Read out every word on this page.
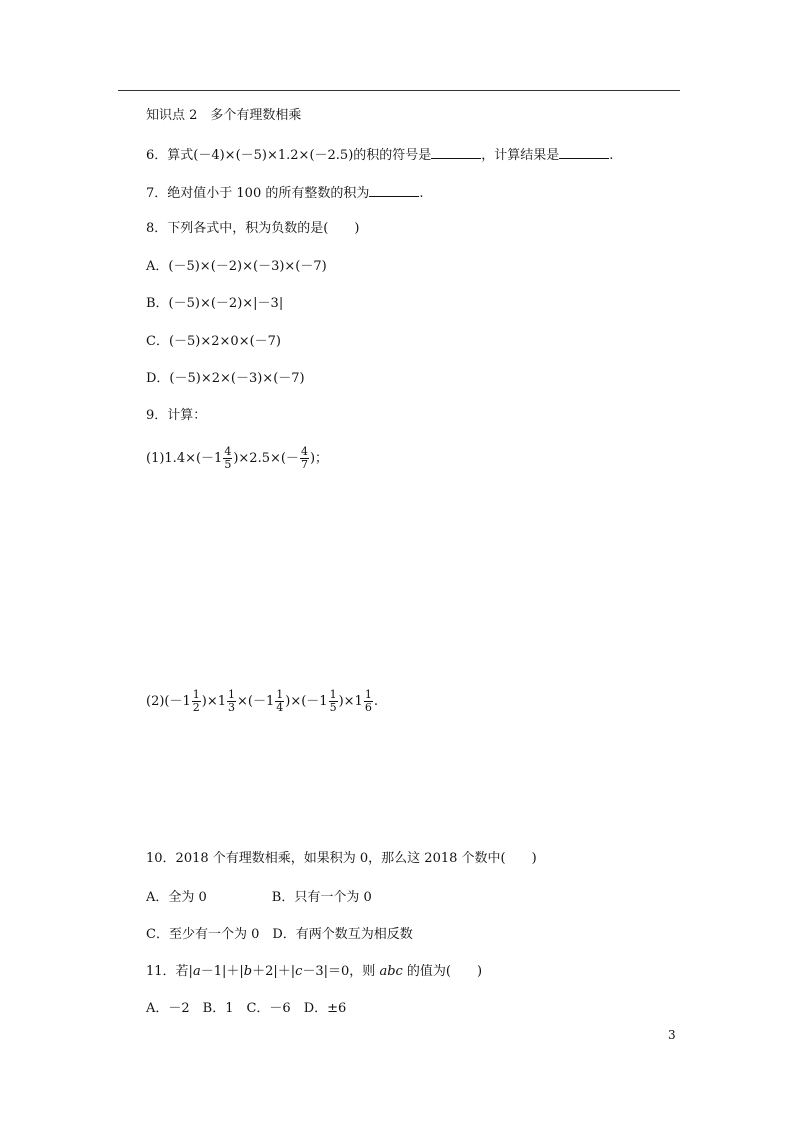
知识点 2　多个有理数相乘
6．算式(－4)×(－5)×1.2×(－2.5)的积的符号是	，计算结果是	.
7．绝对值小于 100 的所有整数的积为	.
8．下列各式中，积为负数的是(　　)
A．(－5)×(－2)×(－3)×(－7)
B．(－5)×(－2)×|－3|
C．(－5)×2×0×(－7)
D．(－5)×2×(－3)×(－7)
9．计算：
$(1)1.4\times(-1 \frac{4}{5} )\times 2.5\times(- \frac{4}{7}$ )；
$(2)(-1 \frac{1}{2} )\times 1 \frac{1}{3} \times(-1 \frac{1}{4} )\times(-1 \frac{1}{5} )\times 1 \frac{1}{6}$ .
10．2018 个有理数相乘，如果积为 0，那么这 2018 个数中(　　)
A．全为 0　　　　　B．只有一个为 0
C．至少有一个为 0　D．有两个数互为相反数
11．若|a－1|＋|b＋2|＋|c－3|＝0，则 abc 的值为(　　)
A．－2　B．1　C．－6　D．±6
3
